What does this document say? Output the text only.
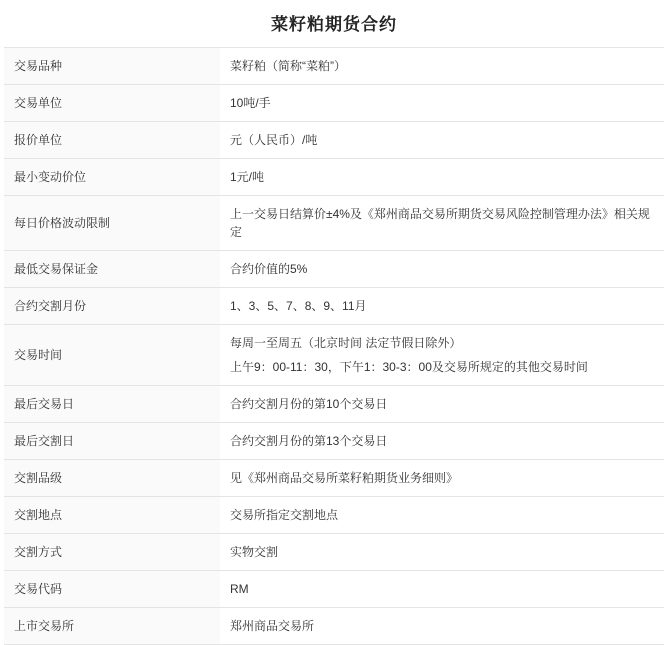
菜籽粕期货合约
交易品种	菜籽粕（简称“菜粕”）

交易单位	10吨/手

报价单位	元（人民币）/吨

最小变动价位	1元/吨

每日价格波动限制	上一交易日结算价±4%及《郑州商品交易所期货交易风险控制管理办法》相关规定

最低交易保证金	合约价值的5%

合约交割月份	1、3、5、7、8、9、11月

交易时间	每周一至周五（北京时间 法定节假日除外）
上午9：00-11：30，下午1：30-3：00及交易所规定的其他交易时间

最后交易日	合约交割月份的第10个交易日

最后交割日	合约交割月份的第13个交易日

交割品级	见《郑州商品交易所菜籽粕期货业务细则》

交割地点	交易所指定交割地点

交割方式	实物交割

交易代码	RM

上市交易所	郑州商品交易所
